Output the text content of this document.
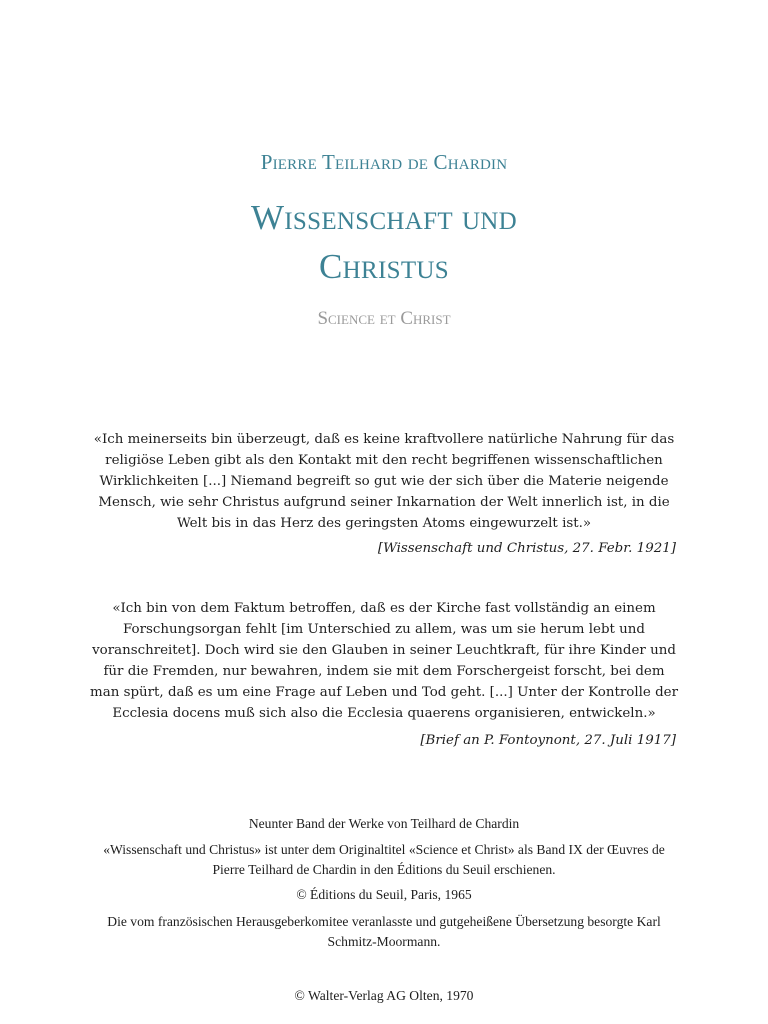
Pierre Teilhard de Chardin
Wissenschaft und
Christus
Science et Christ
«Ich meinerseits bin überzeugt, daß es keine kraftvollere natürliche Nahrung für das religiöse Leben gibt als den Kontakt mit den recht begriffenen wissenschaftlichen Wirklichkeiten [...] Niemand begreift so gut wie der sich über die Materie neigende Mensch, wie sehr Christus aufgrund seiner Inkarnation der Welt innerlich ist, in die Welt bis in das Herz des geringsten Atoms eingewurzelt ist.»
[Wissenschaft und Christus, 27. Febr. 1921]
«Ich bin von dem Faktum betroffen, daß es der Kirche fast vollständig an einem Forschungsorgan fehlt [im Unterschied zu allem, was um sie herum lebt und voranschreitet]. Doch wird sie den Glauben in seiner Leuchtkraft, für ihre Kinder und für die Fremden, nur bewahren, indem sie mit dem Forschergeist forscht, bei dem man spürt, daß es um eine Frage auf Leben und Tod geht. [...] Unter der Kontrolle der Ecclesia docens muß sich also die Ecclesia quaerens organisieren, entwickeln.»
[Brief an P. Fontoynont, 27. Juli 1917]
Neunter Band der Werke von Teilhard de Chardin
«Wissenschaft und Christus» ist unter dem Originaltitel «Science et Christ» als Band IX der Œuvres de Pierre Teilhard de Chardin in den Éditions du Seuil erschienen.
© Éditions du Seuil, Paris, 1965
Die vom französischen Herausgeberkomitee veranlasste und gutgeheißene Übersetzung besorgte Karl Schmitz-Moormann.
© Walter-Verlag AG Olten, 1970
